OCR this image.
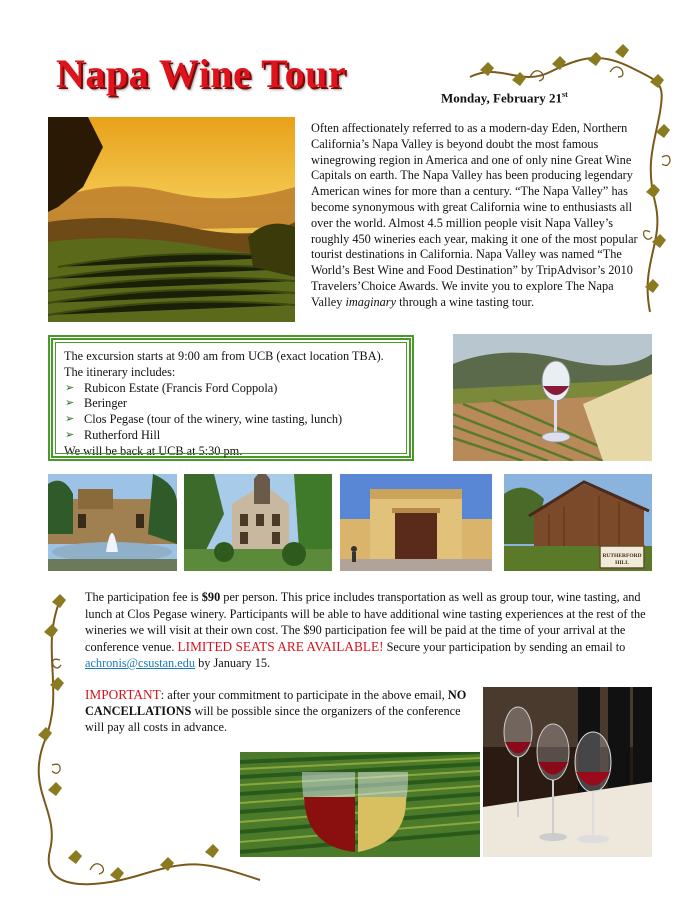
Napa Wine Tour
Monday, February 21st
Often affectionately referred to as a modern-day Eden, Northern California’s Napa Valley is beyond doubt the most famous winegrowing region in America and one of only nine Great Wine Capitals on earth. The Napa Valley has been producing legendary American wines for more than a century. “The Napa Valley” has become synonymous with great California wine to enthusiasts all over the world. Almost 4.5 million people visit Napa Valley’s roughly 450 wineries each year, making it one of the most popular tourist destinations in California. Napa Valley was named “The World’s Best Wine and Food Destination” by TripAdvisor’s 2010 Travelers’Choice Awards. We invite you to explore The Napa Valley imaginary through a wine tasting tour.
The excursion starts at 9:00 am from UCB (exact location TBA).
The itinerary includes:
➢ Rubicon Estate (Francis Ford Coppola)
➢ Beringer
➢ Clos Pegase (tour of the winery, wine tasting, lunch)
➢ Rutherford Hill
We will be back at UCB at 5:30 pm.
RUTHERFORD
HILL
The participation fee is $90 per person. This price includes transportation as well as group tour, wine tasting, and lunch at Clos Pegase winery. Participants will be able to have additional wine tasting experiences at the rest of the wineries we will visit at their own cost. The $90 participation fee will be paid at the time of your arrival at the conference venue. LIMITED SEATS ARE AVAILABLE! Secure your participation by sending an email to achronis@csustan.edu by January 15.
IMPORTANT: after your commitment to participate in the above email, NO CANCELLATIONS will be possible since the organizers of the conference will pay all costs in advance.
